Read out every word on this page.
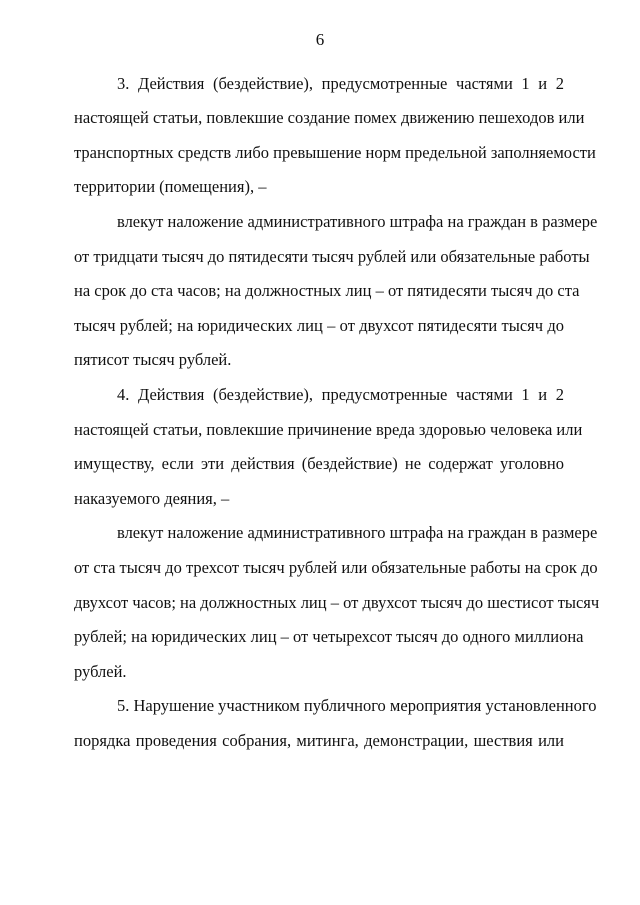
6
3. Действия (бездействие), предусмотренные частями 1 и 2
настоящей статьи, повлекшие создание помех движению пешеходов или
транспортных средств либо превышение норм предельной заполняемости
территории (помещения), –
влекут наложение административного штрафа на граждан в размере
от тридцати тысяч до пятидесяти тысяч рублей или обязательные работы
на срок до ста часов; на должностных лиц – от пятидесяти тысяч до ста
тысяч рублей; на юридических лиц – от двухсот пятидесяти тысяч до
пятисот тысяч рублей.
4. Действия (бездействие), предусмотренные частями 1 и 2
настоящей статьи, повлекшие причинение вреда здоровью человека или
имуществу, если эти действия (бездействие) не содержат уголовно
наказуемого деяния, –
влекут наложение административного штрафа на граждан в размере
от ста тысяч до трехсот тысяч рублей или обязательные работы на срок до
двухсот часов; на должностных лиц – от двухсот тысяч до шестисот тысяч
рублей; на юридических лиц – от четырехсот тысяч до одного миллиона
рублей.
5. Нарушение участником публичного мероприятия установленного
порядка проведения собрания, митинга, демонстрации, шествия или
